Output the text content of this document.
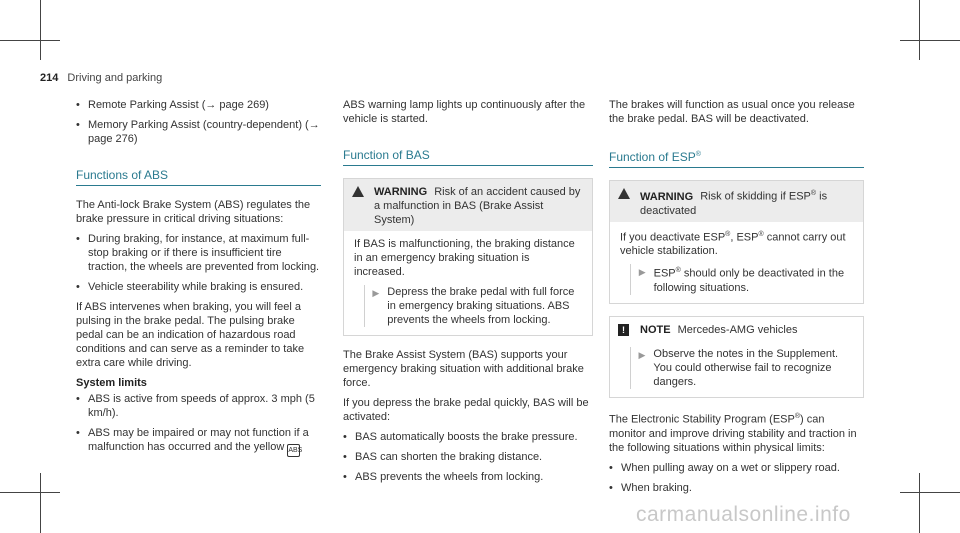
214 Driving and parking
• Remote Parking Assist (→ page 269)
• Memory Parking Assist (country-dependent) (→ page 276)
Functions of ABS

The Anti-lock Brake System (ABS) regulates the brake pressure in critical driving situations:

• During braking, for instance, at maximum full-stop braking or if there is insufficient tire traction, the wheels are prevented from locking.
• Vehicle steerability while braking is ensured.

If ABS intervenes when braking, you will feel a pulsing in the brake pedal. The pulsing brake pedal can be an indication of hazardous road conditions and can serve as a reminder to take extra care while driving.

System limits
• ABS is active from speeds of approx. 3 mph (5 km/h).
• ABS may be impaired or may not function if a malfunction has occurred and the yellow ABS

ABS warning lamp lights up continuously after the vehicle is started.

Function of BAS
WARNING Risk of an accident caused by a malfunction in BAS (Brake Assist System)

If BAS is malfunctioning, the braking distance in an emergency braking situation is increased.

▶ Depress the brake pedal with full force in emergency braking situations. ABS prevents the wheels from locking.

The Brake Assist System (BAS) supports your emergency braking situation with additional brake force.

If you depress the brake pedal quickly, BAS will be activated:

• BAS automatically boosts the brake pressure.
• BAS can shorten the braking distance.
• ABS prevents the wheels from locking.

The brakes will function as usual once you release the brake pedal. BAS will be deactivated.

Function of ESP®
WARNING Risk of skidding if ESP® is deactivated

If you deactivate ESP®, ESP® cannot carry out vehicle stabilization.

▶ ESP® should only be deactivated in the following situations.
!	NOTE Mercedes-AMG vehicles
▶ Observe the notes in the Supplement. You could otherwise fail to recognize dangers.

The Electronic Stability Program (ESP®) can monitor and improve driving stability and traction in the following situations within physical limits:

• When pulling away on a wet or slippery road.
• When braking.
carmanualsonline.info
